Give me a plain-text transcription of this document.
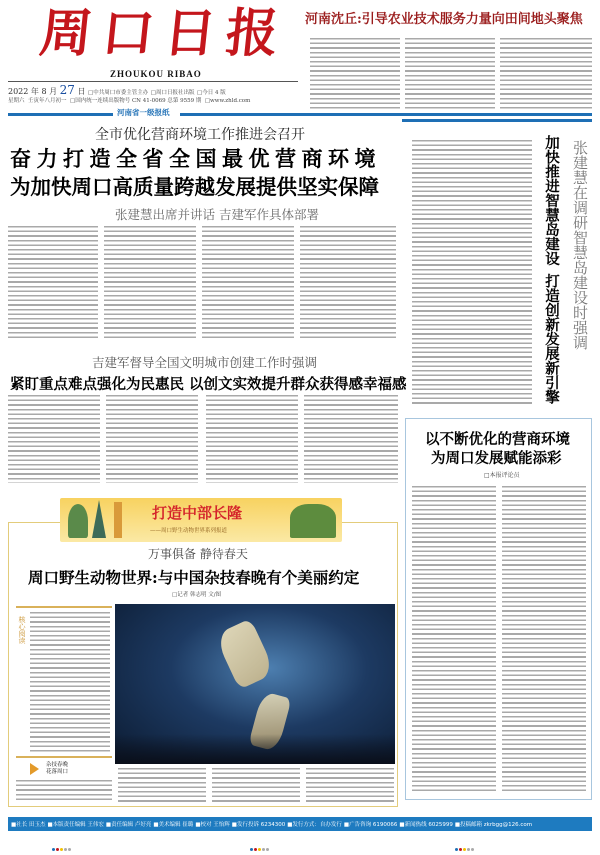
周口日报
ZHOUKOU RIBAO
2022 年 8 月 27 日 □中共周口市委主管主办 □周口日报社出版 □今日 4 版
星期六 壬寅年八月初一 □国内统一连续出版物号 CN 41-0069 总第 9559 期 □www.zhld.com
河南省一级报纸
河南沈丘:引导农业技术服务力量向田间地头聚焦
全市优化营商环境工作推进会召开
奋力打造全省全国最优营商环境
为加快周口高质量跨越发展提供坚实保障
张建慧出席并讲话 吉建军作具体部署
吉建军督导全国文明城市创建工作时强调
紧盯重点难点强化为民惠民 以创文实效提升群众获得感幸福感
加快推进智慧岛建设打造创新发展新引擎 张建慧在调研智慧岛建设时强调
以不断优化的营商环境
为周口发展赋能添彩
□本报评论员
打造中部长隆
——周口野生动物世界系列报道
万事俱备 静待春天
周口野生动物世界:与中国杂技春晚有个美丽约定
□记者 韩志明 文/图
核心阅读
杂技春晚
花落周口
■社长 田玉杰 ■本版责任编辑 王伟宏 ■责任编辑 卢好亮 ■美术编辑 崔璐 ■校对 王怡辉 ■发行投诉 6234300 ■发行方式：自办发行 ■广告咨询 6190066 ■新闻热线 6025999 ■投稿邮箱 zkrbgg@126.com
